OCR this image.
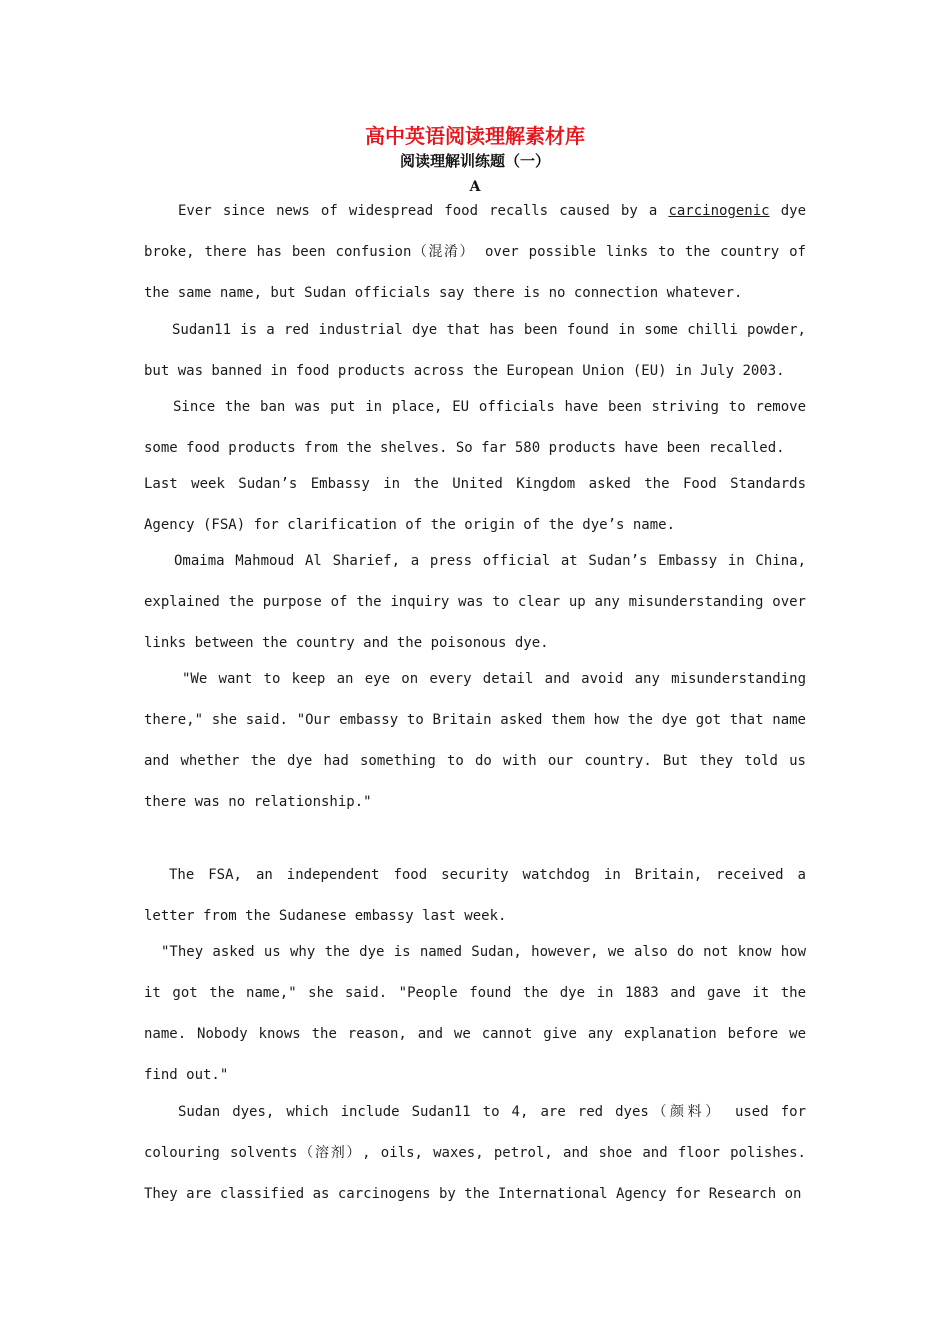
高中英语阅读理解素材库
阅读理解训练题（一）
A

Ever since news of widespread food recalls caused by a carcinogenic dye broke, there has been confusion（混淆） over possible links to the country of the same name, but Sudan officials say there is no connection whatever.

Sudan11 is a red industrial dye that has been found in some chilli powder, but was banned in food products across the European Union (EU) in July 2003.

Since the ban was put in place, EU officials have been striving to remove some food products from the shelves. So far 580 products have been recalled.

Last week Sudan’s Embassy in the United Kingdom asked the Food Standards Agency (FSA) for clarification of the origin of the dye’s name.

Omaima Mahmoud Al Sharief, a press official at Sudan’s Embassy in China, explained the purpose of the inquiry was to clear up any misunderstanding over links between the country and the poisonous dye.

"We want to keep an eye on every detail and avoid any misunderstanding there," she said. "Our embassy to Britain asked them how the dye got that name and whether the dye had something to do with our country. But they told us there was no relationship."

The FSA, an independent food security watchdog in Britain, received a letter from the Sudanese embassy last week.

"They asked us why the dye is named Sudan, however, we also do not know how it got the name," she said. "People found the dye in 1883 and gave it the name. Nobody knows the reason, and we cannot give any explanation before we find out."

Sudan dyes, which include Sudan11 to 4, are red dyes（颜料） used for colouring solvents（溶剂）, oils, waxes, petrol, and shoe and floor polishes. They are classified as carcinogens by the International Agency for Research on
